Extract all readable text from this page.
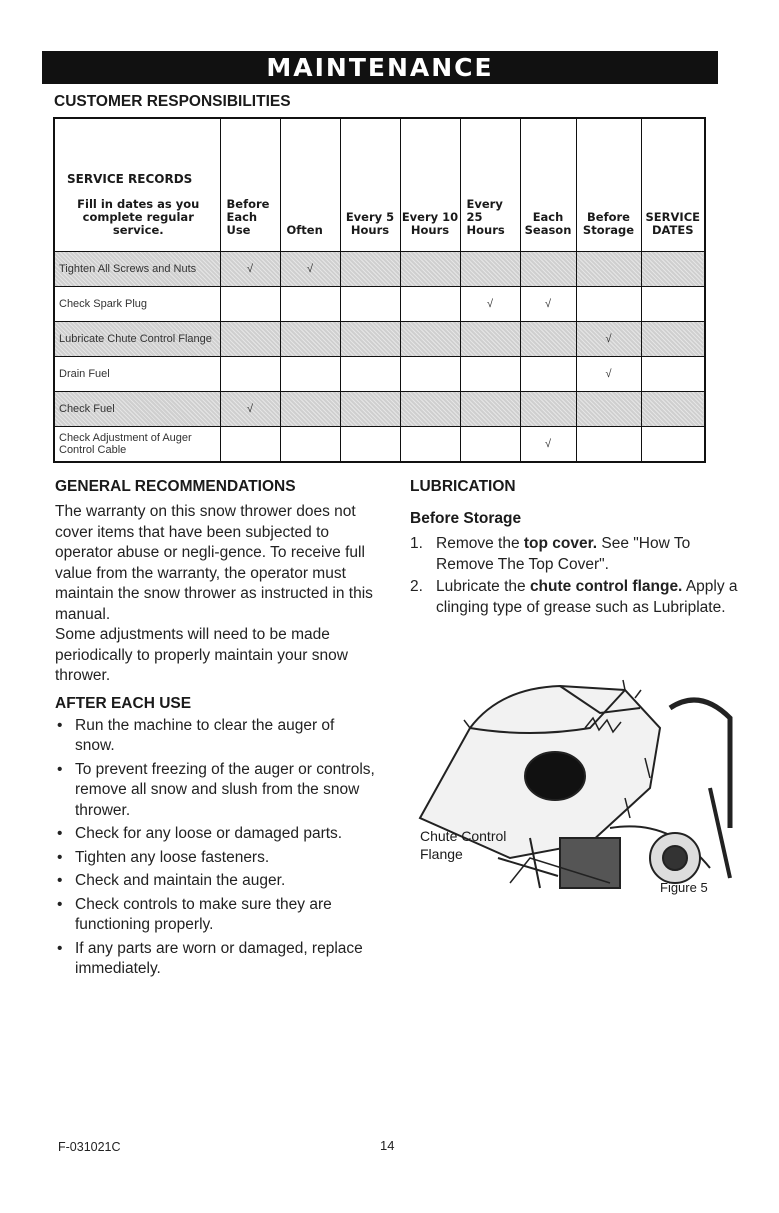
MAINTENANCE
CUSTOMER RESPONSIBILITIES
SERVICE RECORDS
Fill in dates as you complete regular service.	Before Each Use	Often	Every 5 Hours	Every 10 Hours	Every 25 Hours	Each Season	Before Storage	SERVICE DATES
Tighten All Screws and Nuts	√	√						
Check Spark Plug					√	√		
Lubricate Chute Control Flange							√	
Drain Fuel							√	
Check Fuel	√							
Check Adjustment of Auger Control Cable						√		
GENERAL RECOMMENDATIONS

The warranty on this snow thrower does not cover items that have been subjected to operator abuse or negli-gence. To receive full value from the warranty, the operator must maintain the snow thrower as instructed in this manual.

Some adjustments will need to be made periodically to properly maintain your snow thrower.

AFTER EACH USE
• Run the machine to clear the auger of snow.
• To prevent freezing of the auger or controls, remove all snow and slush from the snow thrower.
• Check for any loose or damaged parts.
• Tighten any loose fasteners.
• Check and maintain the auger.
• Check controls to make sure they are functioning properly.
• If any parts are worn or damaged, replace immediately.
LUBRICATION
Before Storage
1. Remove the top cover. See "How To Remove The Top Cover".
2. Lubricate the chute control flange. Apply a clinging type of grease such as Lubriplate.
Chute Control Flange
Figure 5
F-031021C	14
